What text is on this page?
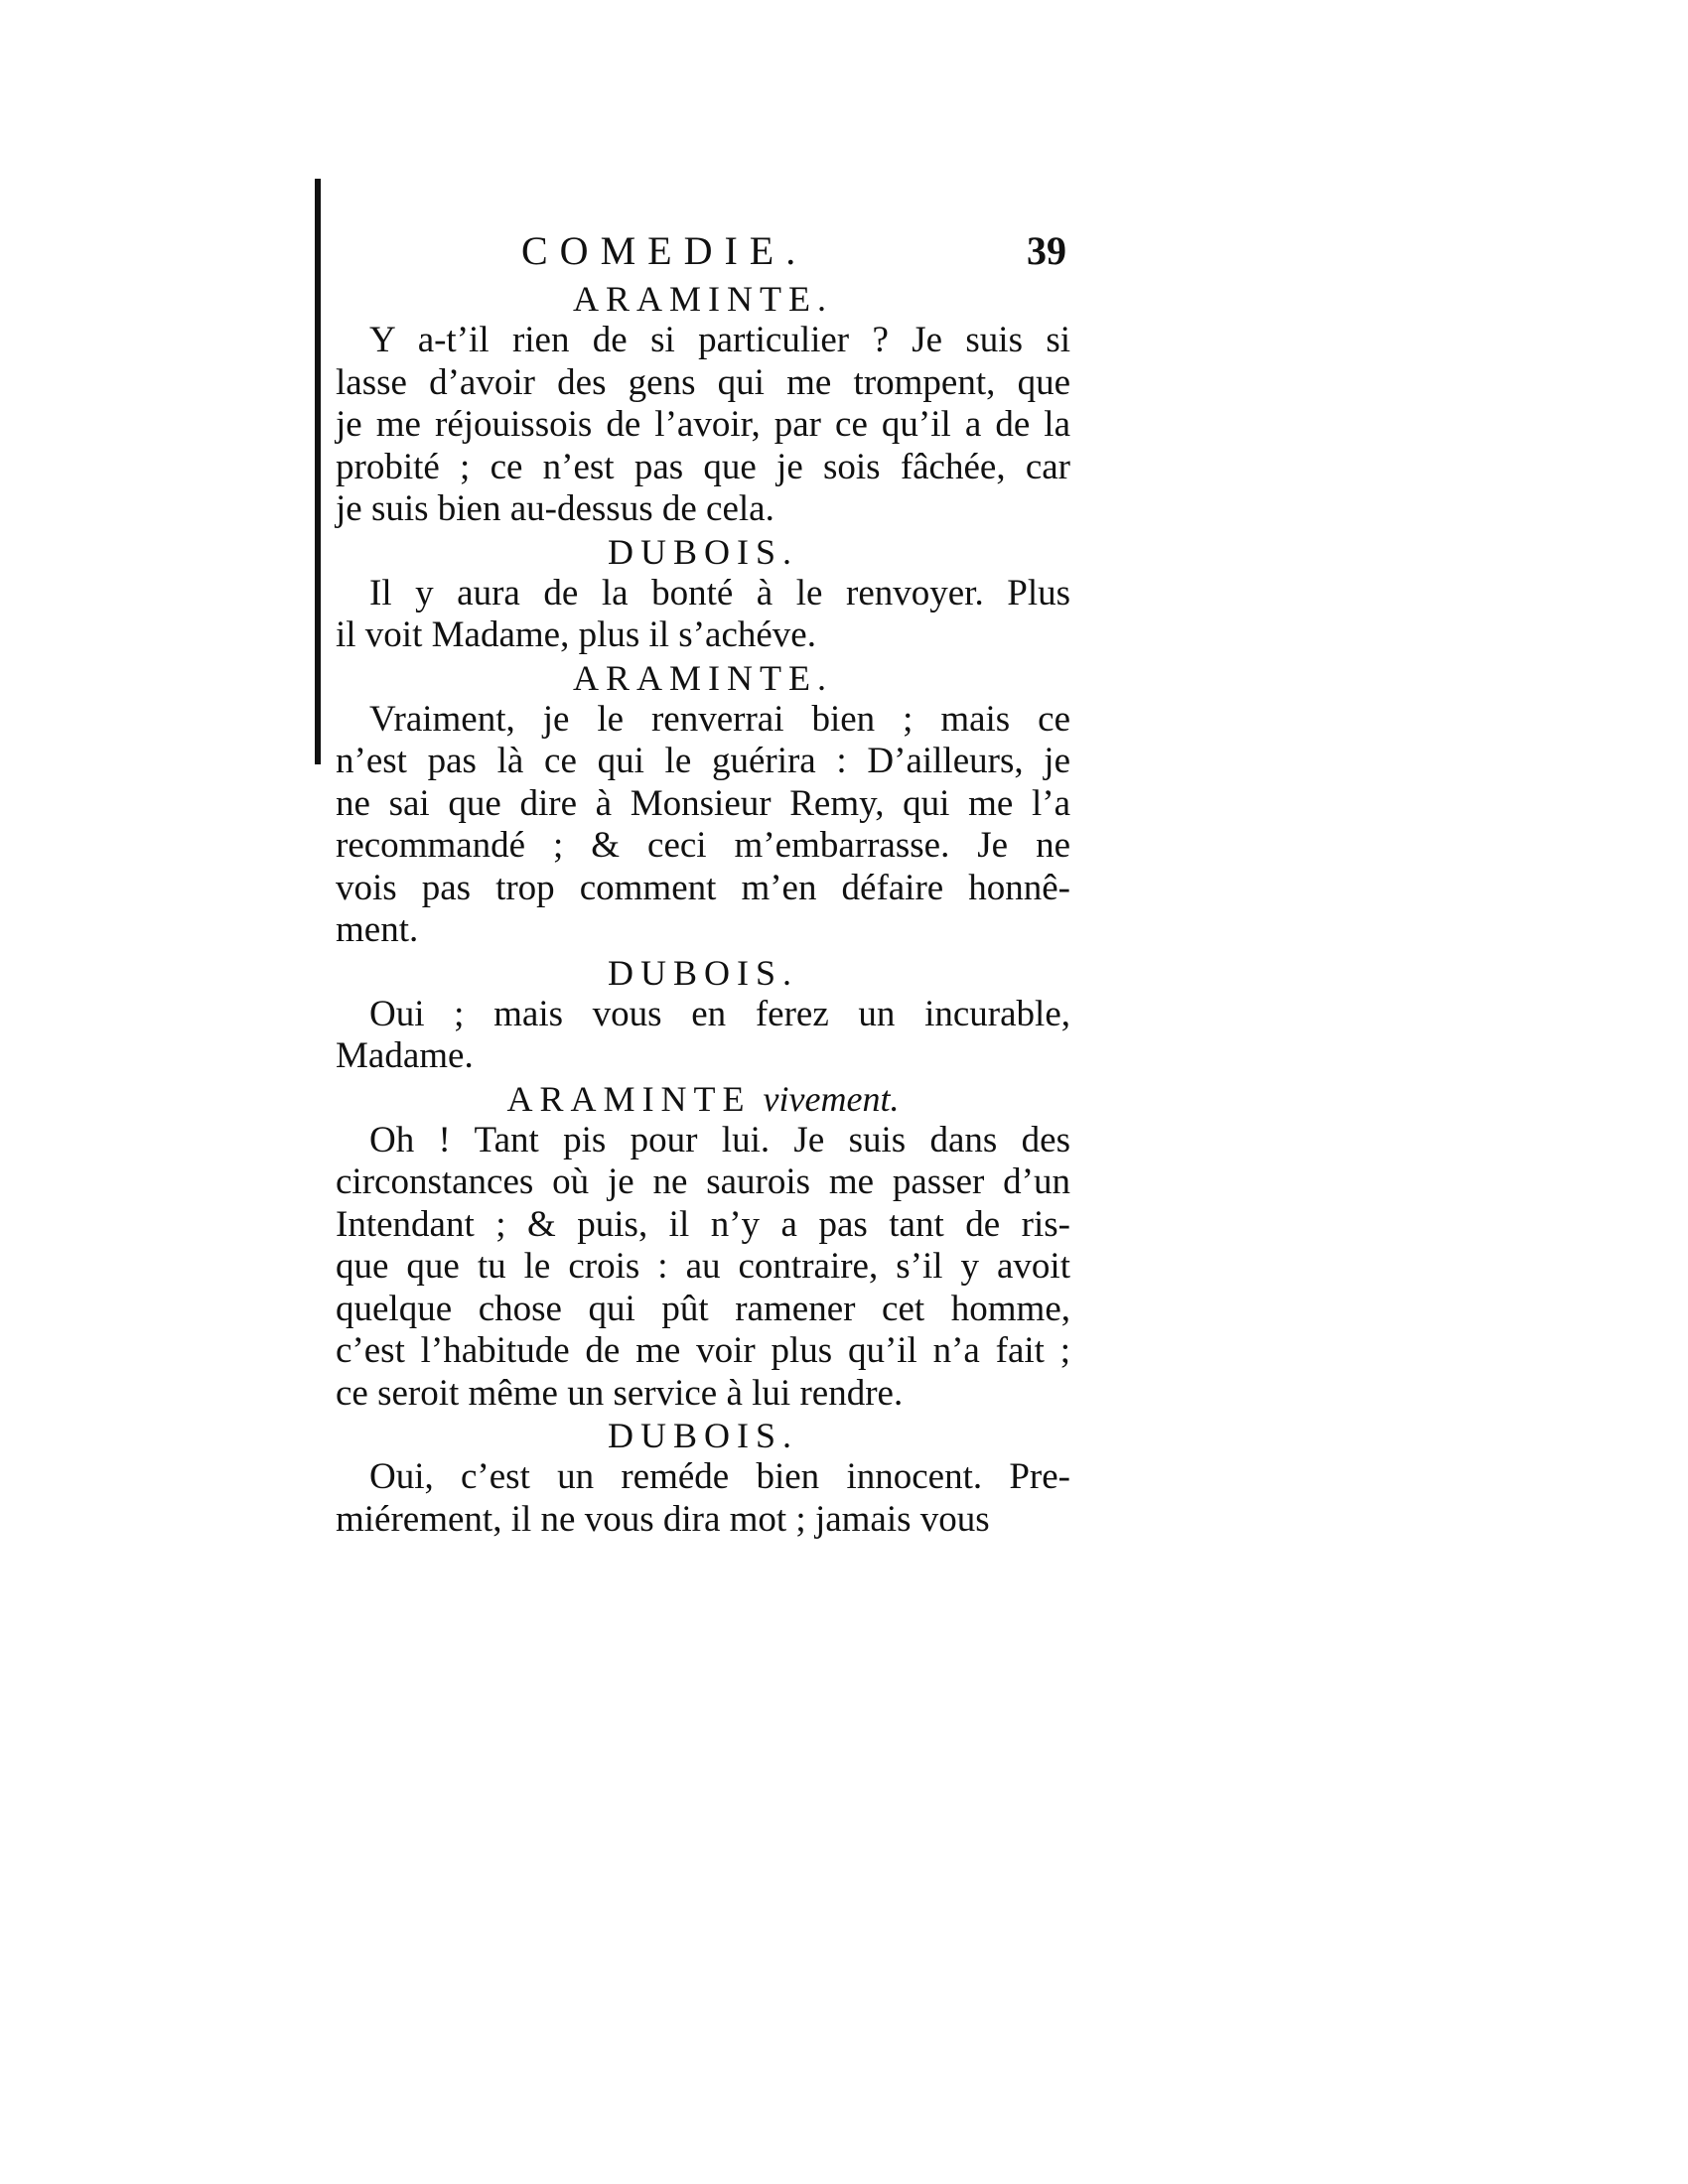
COMEDIE.	39
ARAMINTE.
Y a-t’il rien de si particulier ? Je suis si
lasse d’avoir des gens qui me trompent, que
je me réjouissois de l’avoir, par ce qu’il a de la
probité ; ce n’est pas que je sois fâchée, car
je suis bien au-dessus de cela.
DUBOIS.
Il y aura de la bonté à le renvoyer. Plus
il voit Madame, plus il s’achéve.
ARAMINTE.
Vraiment, je le renverrai bien ; mais ce
n’est pas là ce qui le guérira : D’ailleurs, je
ne sai que dire à Monsieur Remy, qui me l’a
recommandé ; & ceci m’embarrasse. Je ne
vois pas trop comment m’en défaire honnê-
ment.
DUBOIS.
Oui ; mais vous en ferez un incurable,
Madame.
ARAMINTE vivement.
Oh ! Tant pis pour lui. Je suis dans des
circonstances où je ne saurois me passer d’un
Intendant ; & puis, il n’y a pas tant de ris-
que que tu le crois : au contraire, s’il y avoit
quelque chose qui pût ramener cet homme,
c’est l’habitude de me voir plus qu’il n’a fait ;
ce seroit même un service à lui rendre.
DUBOIS.
Oui, c’est un reméde bien innocent. Pre-
miérement, il ne vous dira mot ; jamais vous
